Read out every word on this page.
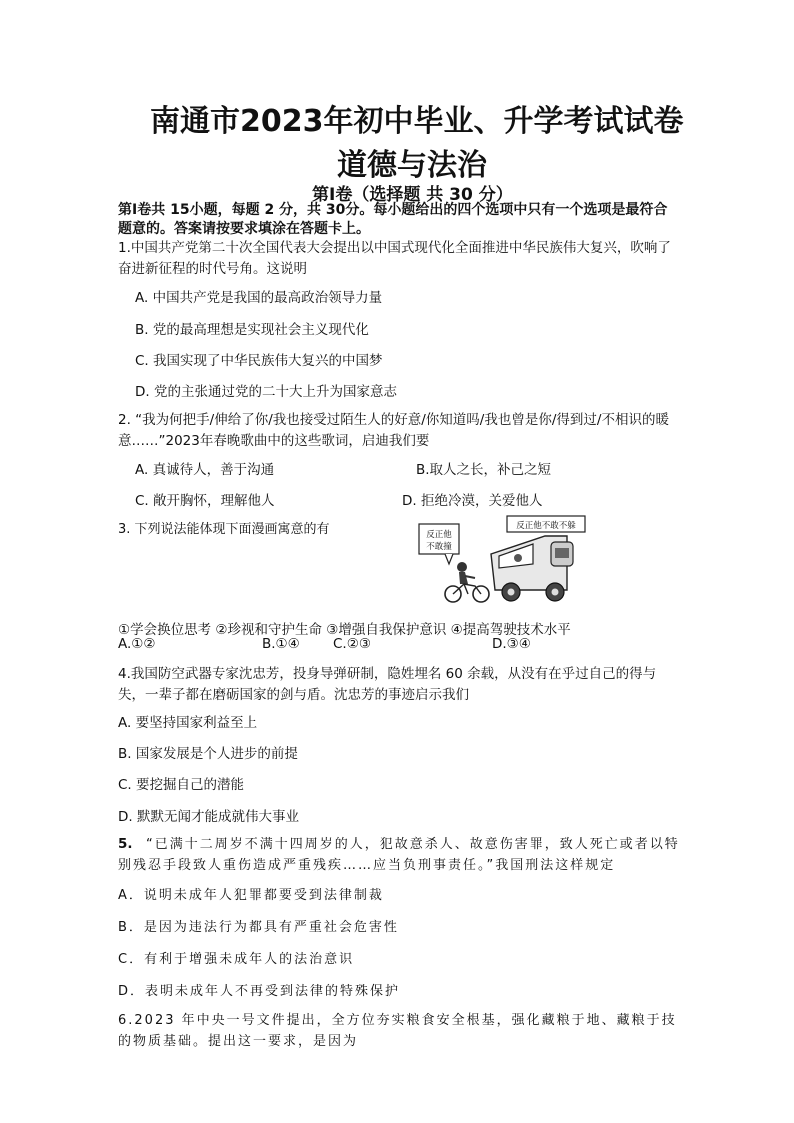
南通市2023年初中毕业、升学考试试卷
道德与法治
第Ⅰ卷（选择题 共 30 分）
第Ⅰ卷共 15小题，每题 2 分，共 30分。每小题给出的四个选项中只有一个选项是最符合题意的。答案请按要求填涂在答题卡上。
1.中国共产党第二十次全国代表大会提出以中国式现代化全面推进中华民族伟大复兴，吹响了奋进新征程的时代号角。这说明
A. 中国共产党是我国的最高政治领导力量
B. 党的最高理想是实现社会主义现代化
C. 我国实现了中华民族伟大复兴的中国梦
D. 党的主张通过党的二十大上升为国家意志
2. “我为何把手/伸给了你/我也接受过陌生人的好意/你知道吗/我也曾是你/得到过/不相识的暖意……”2023年春晚歌曲中的这些歌词，启迪我们要
A. 真诚待人，善于沟通	B.取人之长，补己之短
C. 敞开胸怀，理解他人	D. 拒绝冷漠，关爱他人
3. 下列说法能体现下面漫画寓意的有	反正他
不敢撞
反正他不敢不躲
①学会换位思考 ②珍视和守护生命 ③增强自我保护意识 ④提高驾驶技术水平
A.①②	B.①④ C.②③	D.③④
4.我国防空武器专家沈忠芳，投身导弹研制，隐姓埋名 60 余载，从没有在乎过自己的得与失，一辈子都在磨砺国家的剑与盾。沈忠芳的事迹启示我们
A. 要坚持国家利益至上
B. 国家发展是个人进步的前提
C. 要挖掘自己的潜能
D. 默默无闻才能成就伟大事业
5.	“已满十二周岁不满十四周岁的人，犯故意杀人、故意伤害罪，致人死亡或者以特别残忍手段致人重伤造成严重残疾……应当负刑事责任。”我国刑法这样规定
A．说明未成年人犯罪都要受到法律制裁
B．是因为违法行为都具有严重社会危害性
C．有利于增强未成年人的法治意识
D．表明未成年人不再受到法律的特殊保护
6.2023 年中央一号文件提出，全方位夯实粮食安全根基，强化藏粮于地、藏粮于技的物质基础。提出这一要求，是因为
